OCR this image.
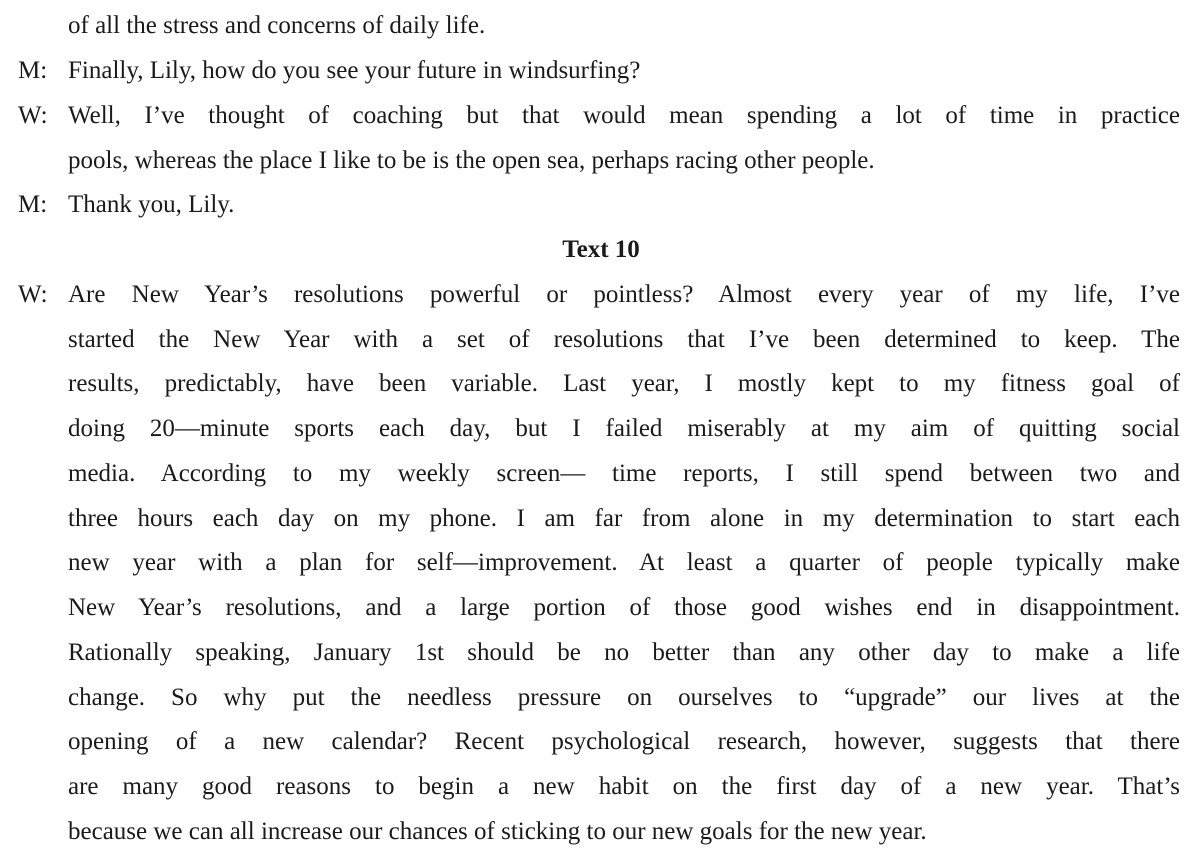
of all the stress and concerns of daily life.
M: Finally, Lily, how do you see your future in windsurfing?
W: Well, I’ve thought of coaching but that would mean spending a lot of time in practice
pools, whereas the place I like to be is the open sea, perhaps racing other people.
M: Thank you, Lily.
Text 10
W: Are New Year’s resolutions powerful or pointless? Almost every year of my life, I’ve
started the New Year with a set of resolutions that I’ve been determined to keep. The
results, predictably, have been variable. Last year, I mostly kept to my fitness goal of
doing 20—minute sports each day, but I failed miserably at my aim of quitting social
media. According to my weekly screen— time reports, I still spend between two and
three hours each day on my phone. I am far from alone in my determination to start each
new year with a plan for self—improvement. At least a quarter of people typically make
New Year’s resolutions, and a large portion of those good wishes end in disappointment.
Rationally speaking, January 1st should be no better than any other day to make a life
change. So why put the needless pressure on ourselves to “upgrade” our lives at the
opening of a new calendar? Recent psychological research, however, suggests that there
are many good reasons to begin a new habit on the first day of a new year. That’s
because we can all increase our chances of sticking to our new goals for the new year.
